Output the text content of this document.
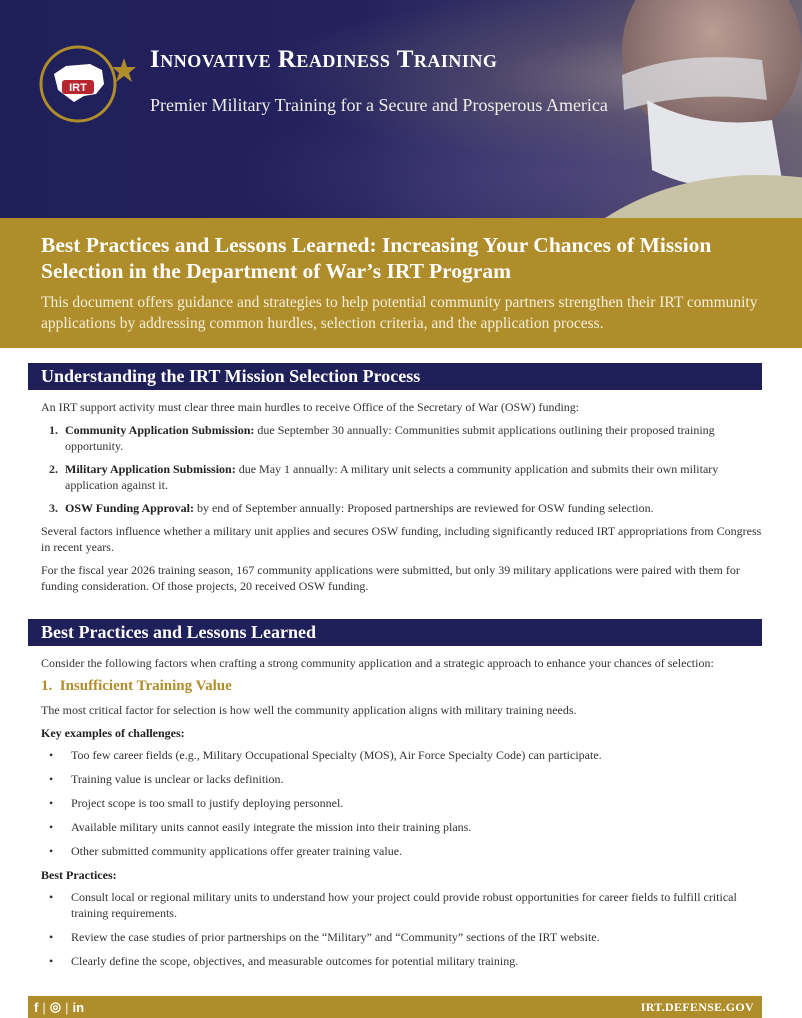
IRT
Innovative Readiness Training
Premier Military Training for a Secure and Prosperous America
Best Practices and Lessons Learned: Increasing Your Chances of Mission Selection in the Department of War’s IRT Program
This document offers guidance and strategies to help potential community partners strengthen their IRT community applications by addressing common hurdles, selection criteria, and the application process.
Understanding the IRT Mission Selection Process
An IRT support activity must clear three main hurdles to receive Office of the Secretary of War (OSW) funding:
1. Community Application Submission: due September 30 annually: Communities submit applications outlining their proposed training opportunity.
2. Military Application Submission: due May 1 annually: A military unit selects a community application and submits their own military application against it.
3. OSW Funding Approval: by end of September annually: Proposed partnerships are reviewed for OSW funding selection.
Several factors influence whether a military unit applies and secures OSW funding, including significantly reduced IRT appropriations from Congress in recent years.
For the fiscal year 2026 training season, 167 community applications were submitted, but only 39 military applications were paired with them for funding consideration. Of those projects, 20 received OSW funding.
Best Practices and Lessons Learned
Consider the following factors when crafting a strong community application and a strategic approach to enhance your chances of selection:
1.  Insufficient Training Value
The most critical factor for selection is how well the community application aligns with military training needs.
Key examples of challenges:
• Too few career fields (e.g., Military Occupational Specialty (MOS), Air Force Specialty Code) can participate.
• Training value is unclear or lacks definition.
• Project scope is too small to justify deploying personnel.
• Available military units cannot easily integrate the mission into their training plans.
• Other submitted community applications offer greater training value.
Best Practices:
• Consult local or regional military units to understand how your project could provide robust opportunities for career fields to fulfill critical training requirements.
• Review the case studies of prior partnerships on the “Military” and “Community” sections of the IRT website.
• Clearly define the scope, objectives, and measurable outcomes for potential military training.
f | ◎ | in	IRT.DEFENSE.GOV
